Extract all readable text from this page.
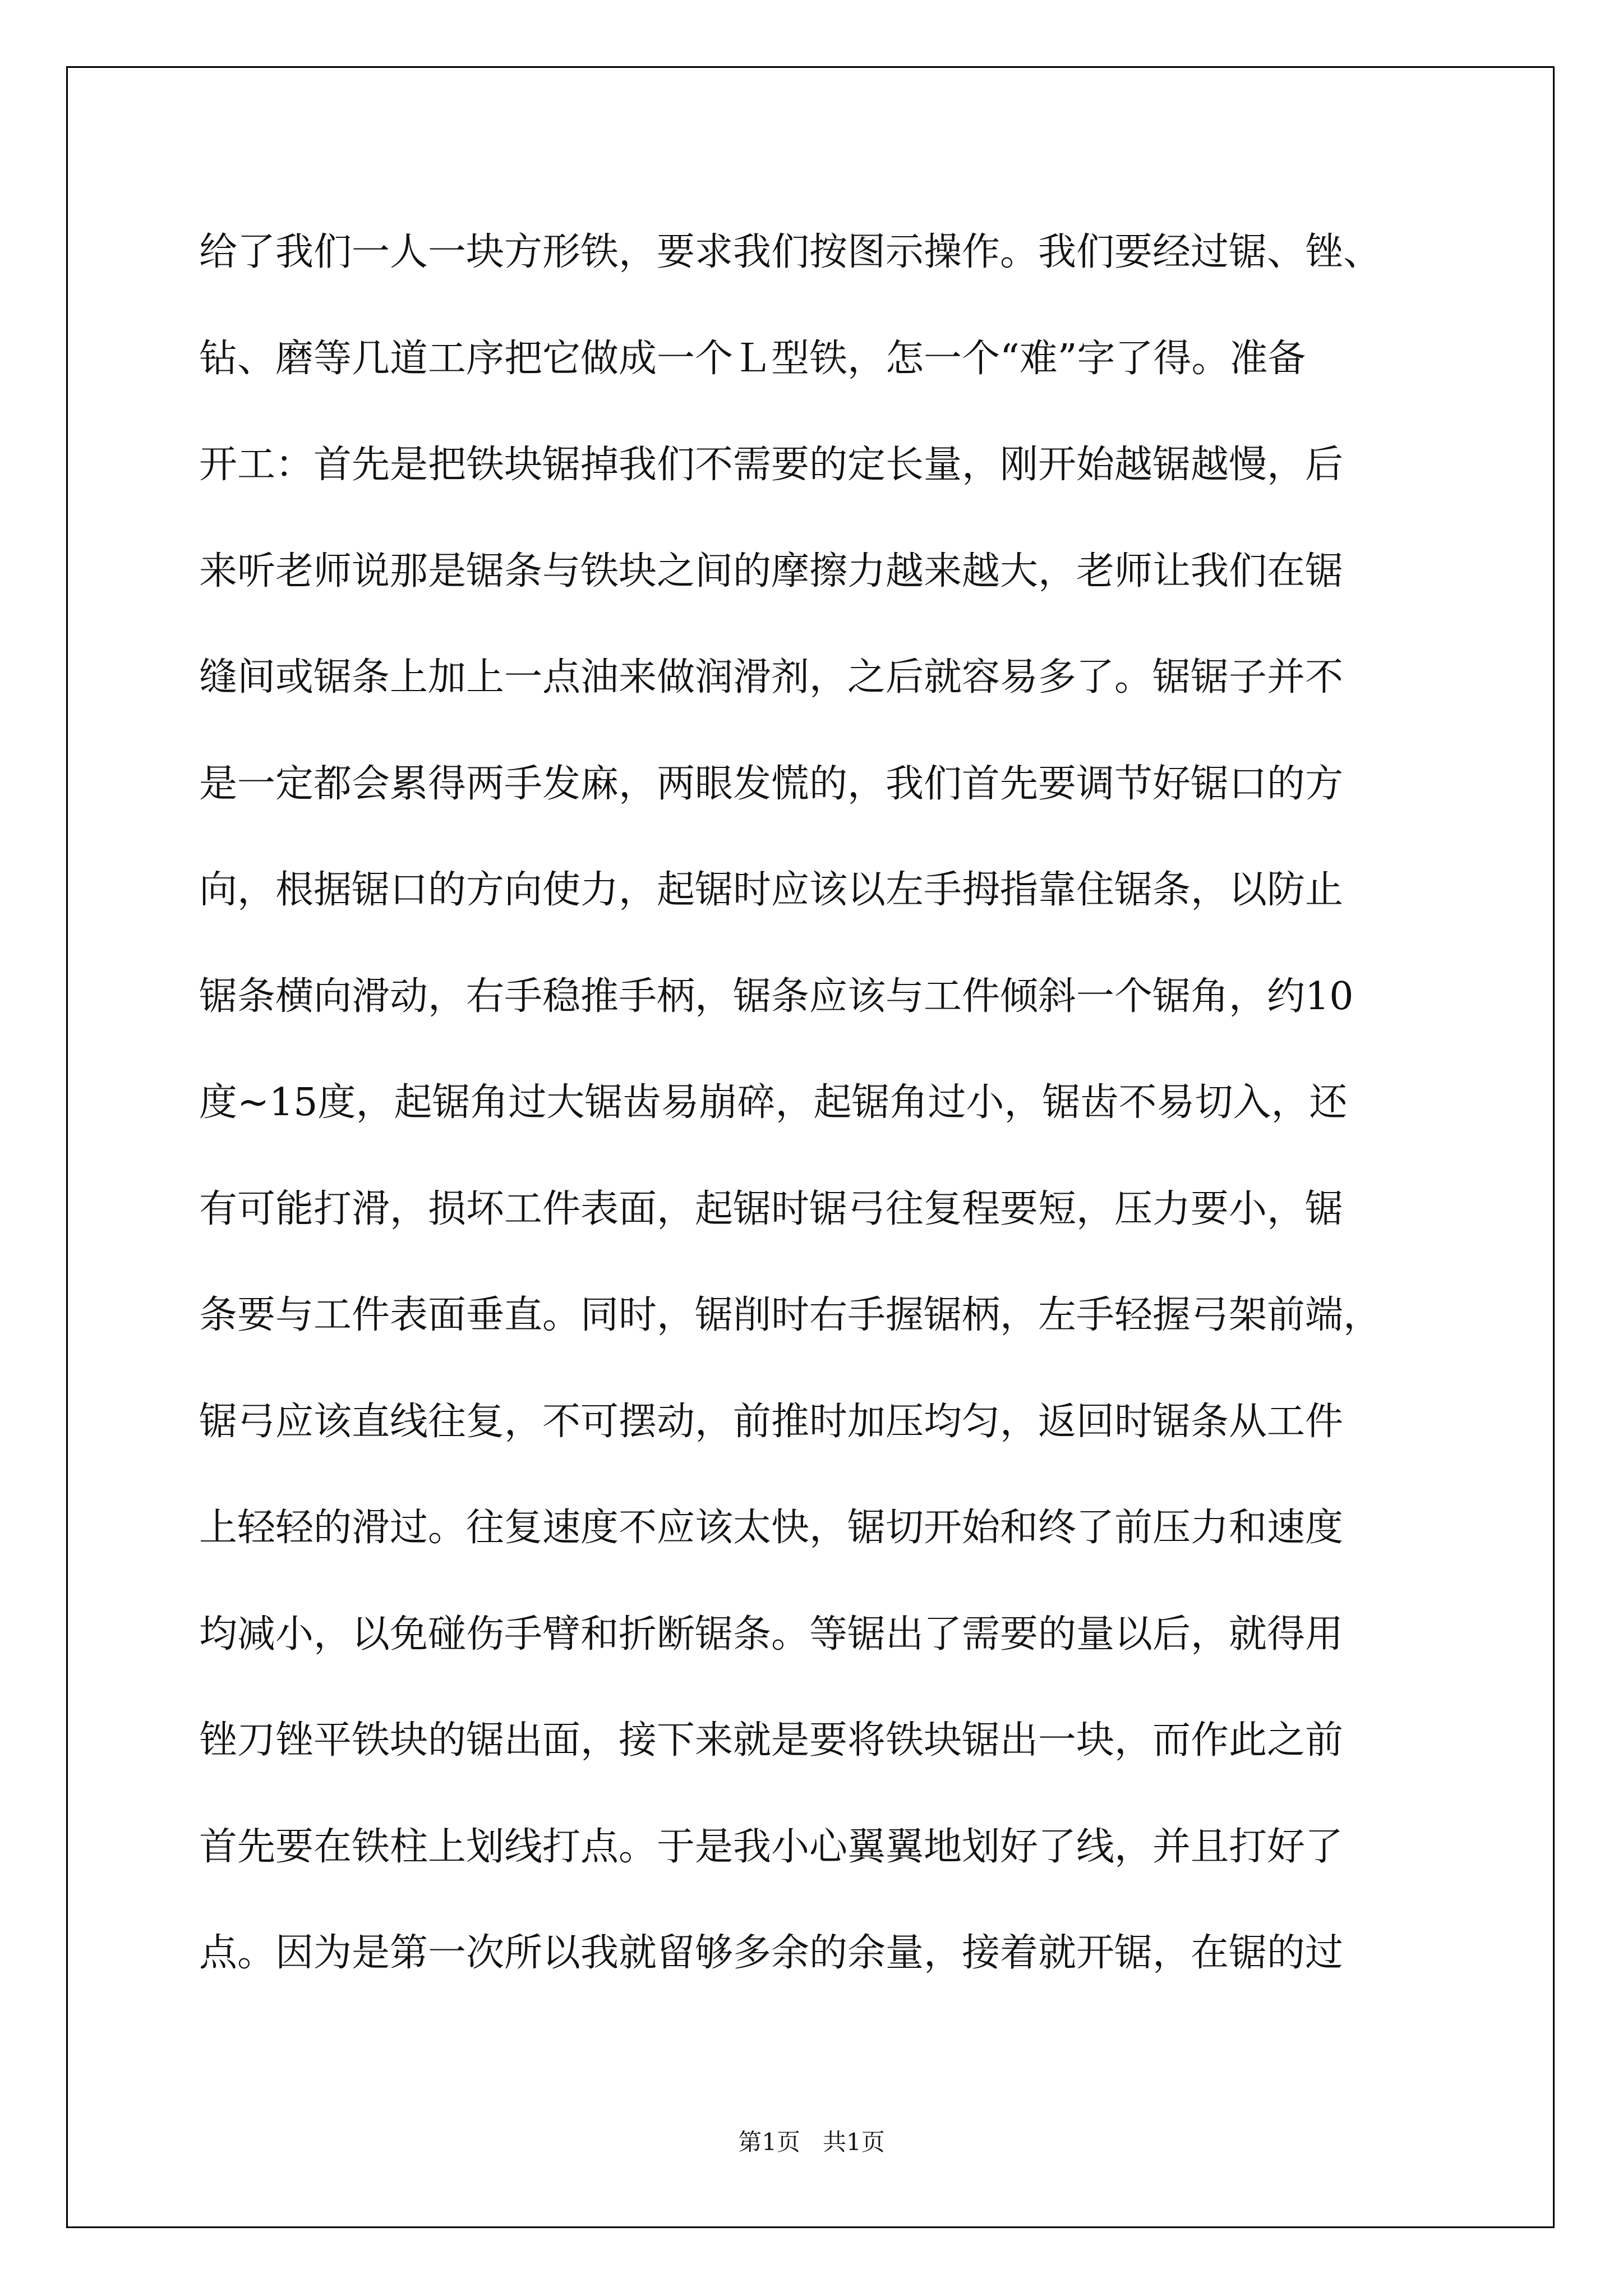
给了我们一人一块方形铁，要求我们按图示操作。我们要经过锯、锉、
钻、磨等几道工序把它做成一个Ｌ型铁，怎一个“难”字了得。准备
开工：首先是把铁块锯掉我们不需要的定长量，刚开始越锯越慢，后
来听老师说那是锯条与铁块之间的摩擦力越来越大，老师让我们在锯
缝间或锯条上加上一点油来做润滑剂，之后就容易多了。锯锯子并不
是一定都会累得两手发麻，两眼发慌的，我们首先要调节好锯口的方
向，根据锯口的方向使力，起锯时应该以左手拇指靠住锯条，以防止
锯条横向滑动，右手稳推手柄，锯条应该与工件倾斜一个锯角，约10
度~15度，起锯角过大锯齿易崩碎，起锯角过小，锯齿不易切入，还
有可能打滑，损坏工件表面，起锯时锯弓往复程要短，压力要小，锯
条要与工件表面垂直。同时，锯削时右手握锯柄，左手轻握弓架前端，
锯弓应该直线往复，不可摆动，前推时加压均匀，返回时锯条从工件
上轻轻的滑过。往复速度不应该太快，锯切开始和终了前压力和速度
均减小，以免碰伤手臂和折断锯条。等锯出了需要的量以后，就得用
锉刀锉平铁块的锯出面，接下来就是要将铁块锯出一块，而作此之前
首先要在铁柱上划线打点。于是我小心翼翼地划好了线，并且打好了
点。因为是第一次所以我就留够多余的余量，接着就开锯，在锯的过
第1页   共1页
